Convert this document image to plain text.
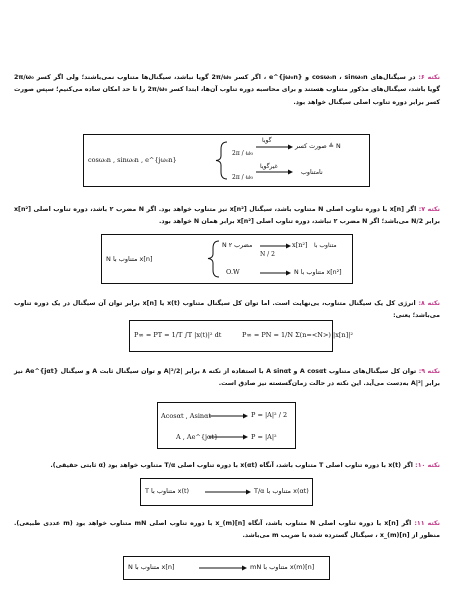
نکته ۶: در سیگنال‌های cosω₀n ، sinω₀n و e^{jω₀n} ، اگر کسر 2π/ω₀ گویا نباشد، سیگنال‌ها متناوب نمی‌باشند؛ ولی اگر کسر 2π/ω₀ گویا باشد، سیگنال‌های مذکور متناوب هستند و برای محاسبه دوره تناوب آن‌ها، ابتدا کسر 2π/ω₀ را تا حد امکان ساده می‌کنیم؛ سپس صورت کسر برابر دوره تناوب اصلی سیگنال خواهد بود.
cosω₀n , sinω₀n , e^{jω₀n}
گویا
2π / ω₀
N ≜ صورت کسر
غیرگویا
2π / ω₀
نامتناوب
نکته ۷: اگر x[n] با دوره تناوب اصلی N متناوب باشد، سیگنال x[n²] نیز متناوب خواهد بود. اگر N مضرب ۲ باشد، دوره تناوب اصلی x[n²] برابر N/2 می‌باشد؛ اگر N مضرب ۲ نباشد، دوره تناوب اصلی x[n²] برابر همان N خواهد بود.
x[n] متناوب با N
مضرب ۲ N	x[n²] متناوب با
N / 2
O.W	x[n²] متناوب با N
نکته ۸: انرژی کل یک سیگنال متناوب، بی‌نهایت است. اما توان کل سیگنال متناوب x(t) یا x[n] برابر توان آن سیگنال در یک دوره تناوب می‌باشد؛ یعنی:
P∞ = PT = 1/T ∫T |x(t)|² dt	P∞ = PN = 1/N Σ(n=<N>) |x[n]|²
نکته ۹: توان کل سیگنال‌های متناوب A cosαt و A sinαt با استفاده از نکته ۸ برابر |A|²/2 و توان سیگنال ثابت A و سیگنال Ae^{jαt} نیز برابر |A|² به‌دست می‌آید. این نکته در حالت زمان‌گسسته نیز صادق است.
Acosαt , Asinαt	P = |A|² / 2
A , Ae^{jαt}	P = |A|²
نکته ۱۰: اگر x(t) با دوره تناوب اصلی T متناوب باشد، آنگاه x(αt) با دوره تناوب اصلی T/α متناوب خواهد بود (α ثابتی حقیقی).
x(t) متناوب با T	x(αt) متناوب با T/α
نکته ۱۱: اگر x[n] با دوره تناوب اصلی N متناوب باشد، آنگاه x_(m)[n] با دوره تناوب اصلی mN متناوب خواهد بود (m عددی طبیعی). منظور از x_(m)[n] ، سیگنال گسترده شده با ضریب m می‌باشد.
x[n] متناوب با N	x(m)[n] متناوب با mN
